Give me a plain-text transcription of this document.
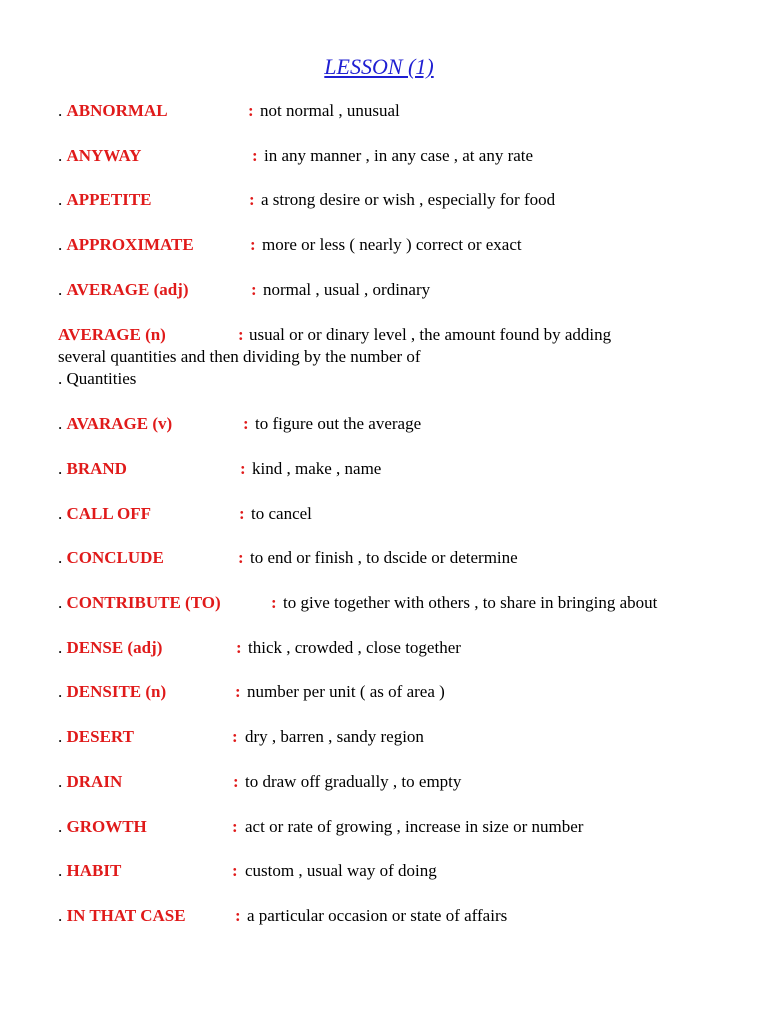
LESSON (1)
. ABNORMAL	: not normal , unusual
. ANYWAY	: in any manner , in any case , at any rate
. APPETITE	: a strong desire or wish , especially for food
. APPROXIMATE	: more or less ( nearly ) correct or exact
. AVERAGE (adj)	: normal , usual , ordinary
AVERAGE (n)	: usual or or dinary level , the amount found by adding
several quantities and then dividing by the number of
. Quantities
. AVARAGE (v)	: to figure out the average
. BRAND	: kind , make , name
. CALL OFF	: to cancel
. CONCLUDE	: to end or finish , to dscide or determine
. CONTRIBUTE (TO)	: to give together with others , to share in bringing about
. DENSE (adj)	: thick , crowded , close together
. DENSITE (n)	: number per unit ( as of area )
. DESERT	: dry , barren , sandy region
. DRAIN	: to draw off gradually , to empty
. GROWTH	: act or rate of growing , increase in size or number
. HABIT	: custom , usual way of doing
. IN THAT CASE	: a particular occasion or state of affairs
